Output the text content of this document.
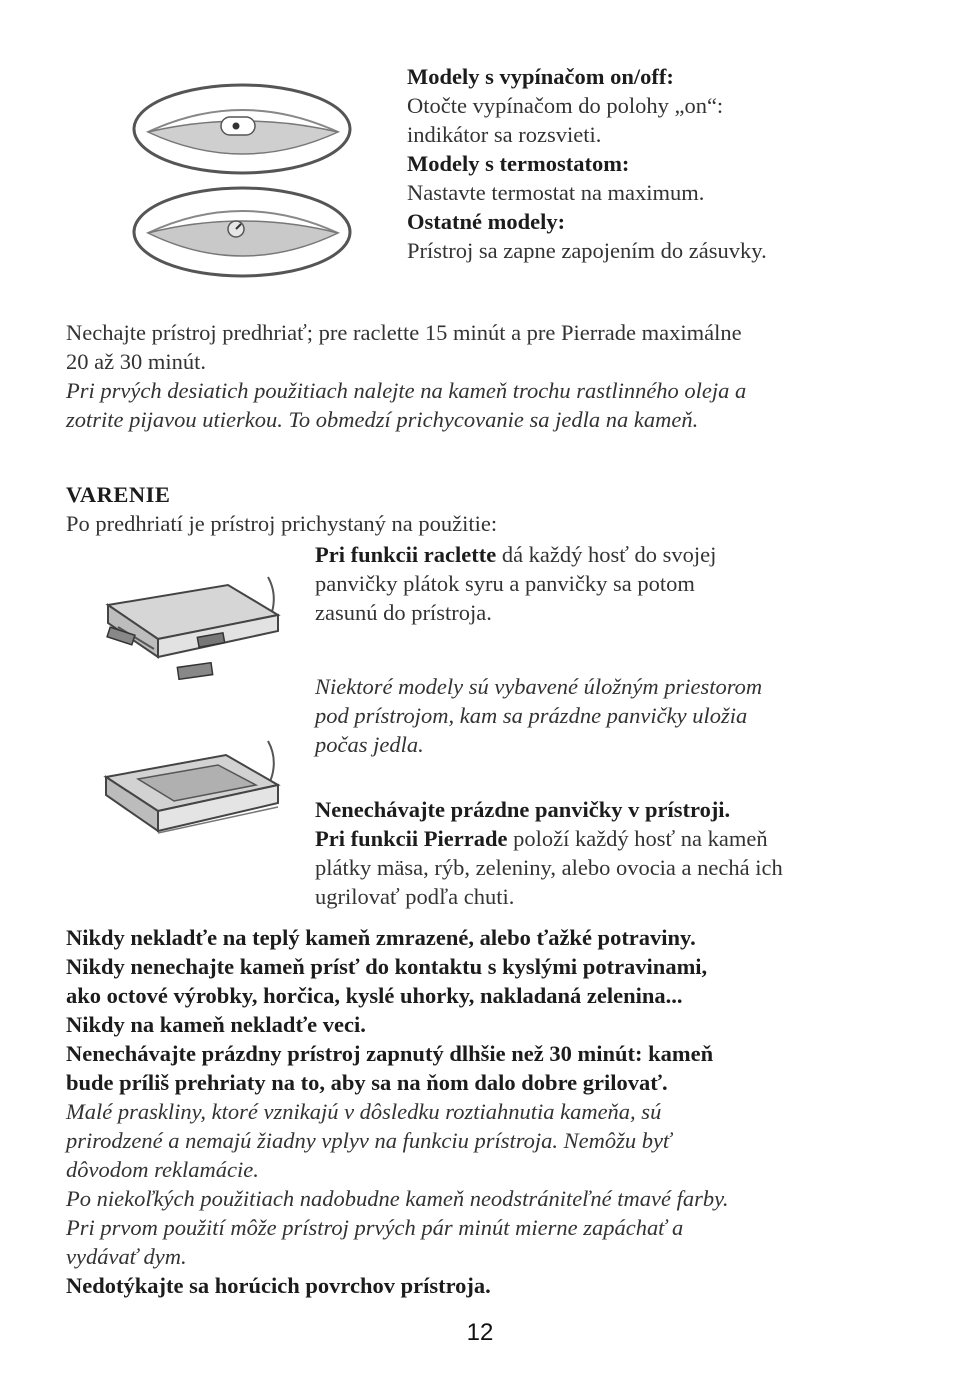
Modely s vypínačom on/off:

Otočte vypínačom do polohy „on“:

indikátor sa rozsvieti.

Modely s termostatom:

Nastavte termostat na maximum.

Ostatné modely:

Prístroj sa zapne zapojením do zásuvky.

Nechajte prístroj predhriať; pre raclette 15 minút a pre Pierrade maximálne

20 až 30 minút.

Pri prvých desiatich použitiach nalejte na kameň trochu rastlinného oleja a

zotrite pijavou utierkou. To obmedzí prichycovanie sa jedla na kameň.

VARENIE

Po predhriatí je prístroj prichystaný na použitie:

Pri funkcii raclette dá každý hosť do svojej

panvičky plátok syru a panvičky sa potom

zasunú do prístroja.

Niektoré modely sú vybavené úložným priestorom

pod prístrojom, kam sa prázdne panvičky uložia

počas jedla.

Nenechávajte prázdne panvičky v prístroji.

Pri funkcii Pierrade položí každý hosť na kameň

plátky mäsa, rýb, zeleniny, alebo ovocia a nechá ich

ugrilovať podľa chuti.

Nikdy nekladťe na teplý kameň zmrazené, alebo ťažké potraviny.

Nikdy nenechajte kameň prísť do kontaktu s kyslými potravinami,

ako octové výrobky, horčica, kyslé uhorky, nakladaná zelenina...

Nikdy na kameň nekladťe veci.

Nenechávajte prázdny prístroj zapnutý dlhšie než 30 minút: kameň

bude príliš prehriaty na to, aby sa na ňom dalo dobre grilovať.

Malé praskliny, ktoré vznikajú v dôsledku roztiahnutia kameňa, sú

prirodzené a nemajú žiadny vplyv na funkciu prístroja. Nemôžu byť

dôvodom reklamácie.

Po niekoľkých použitiach nadobudne kameň neodstrániteľné tmavé farby.

Pri prvom použití môže prístroj prvých pár minút mierne zapáchať a

vydávať dym.

Nedotýkajte sa horúcich povrchov prístroja.

12
